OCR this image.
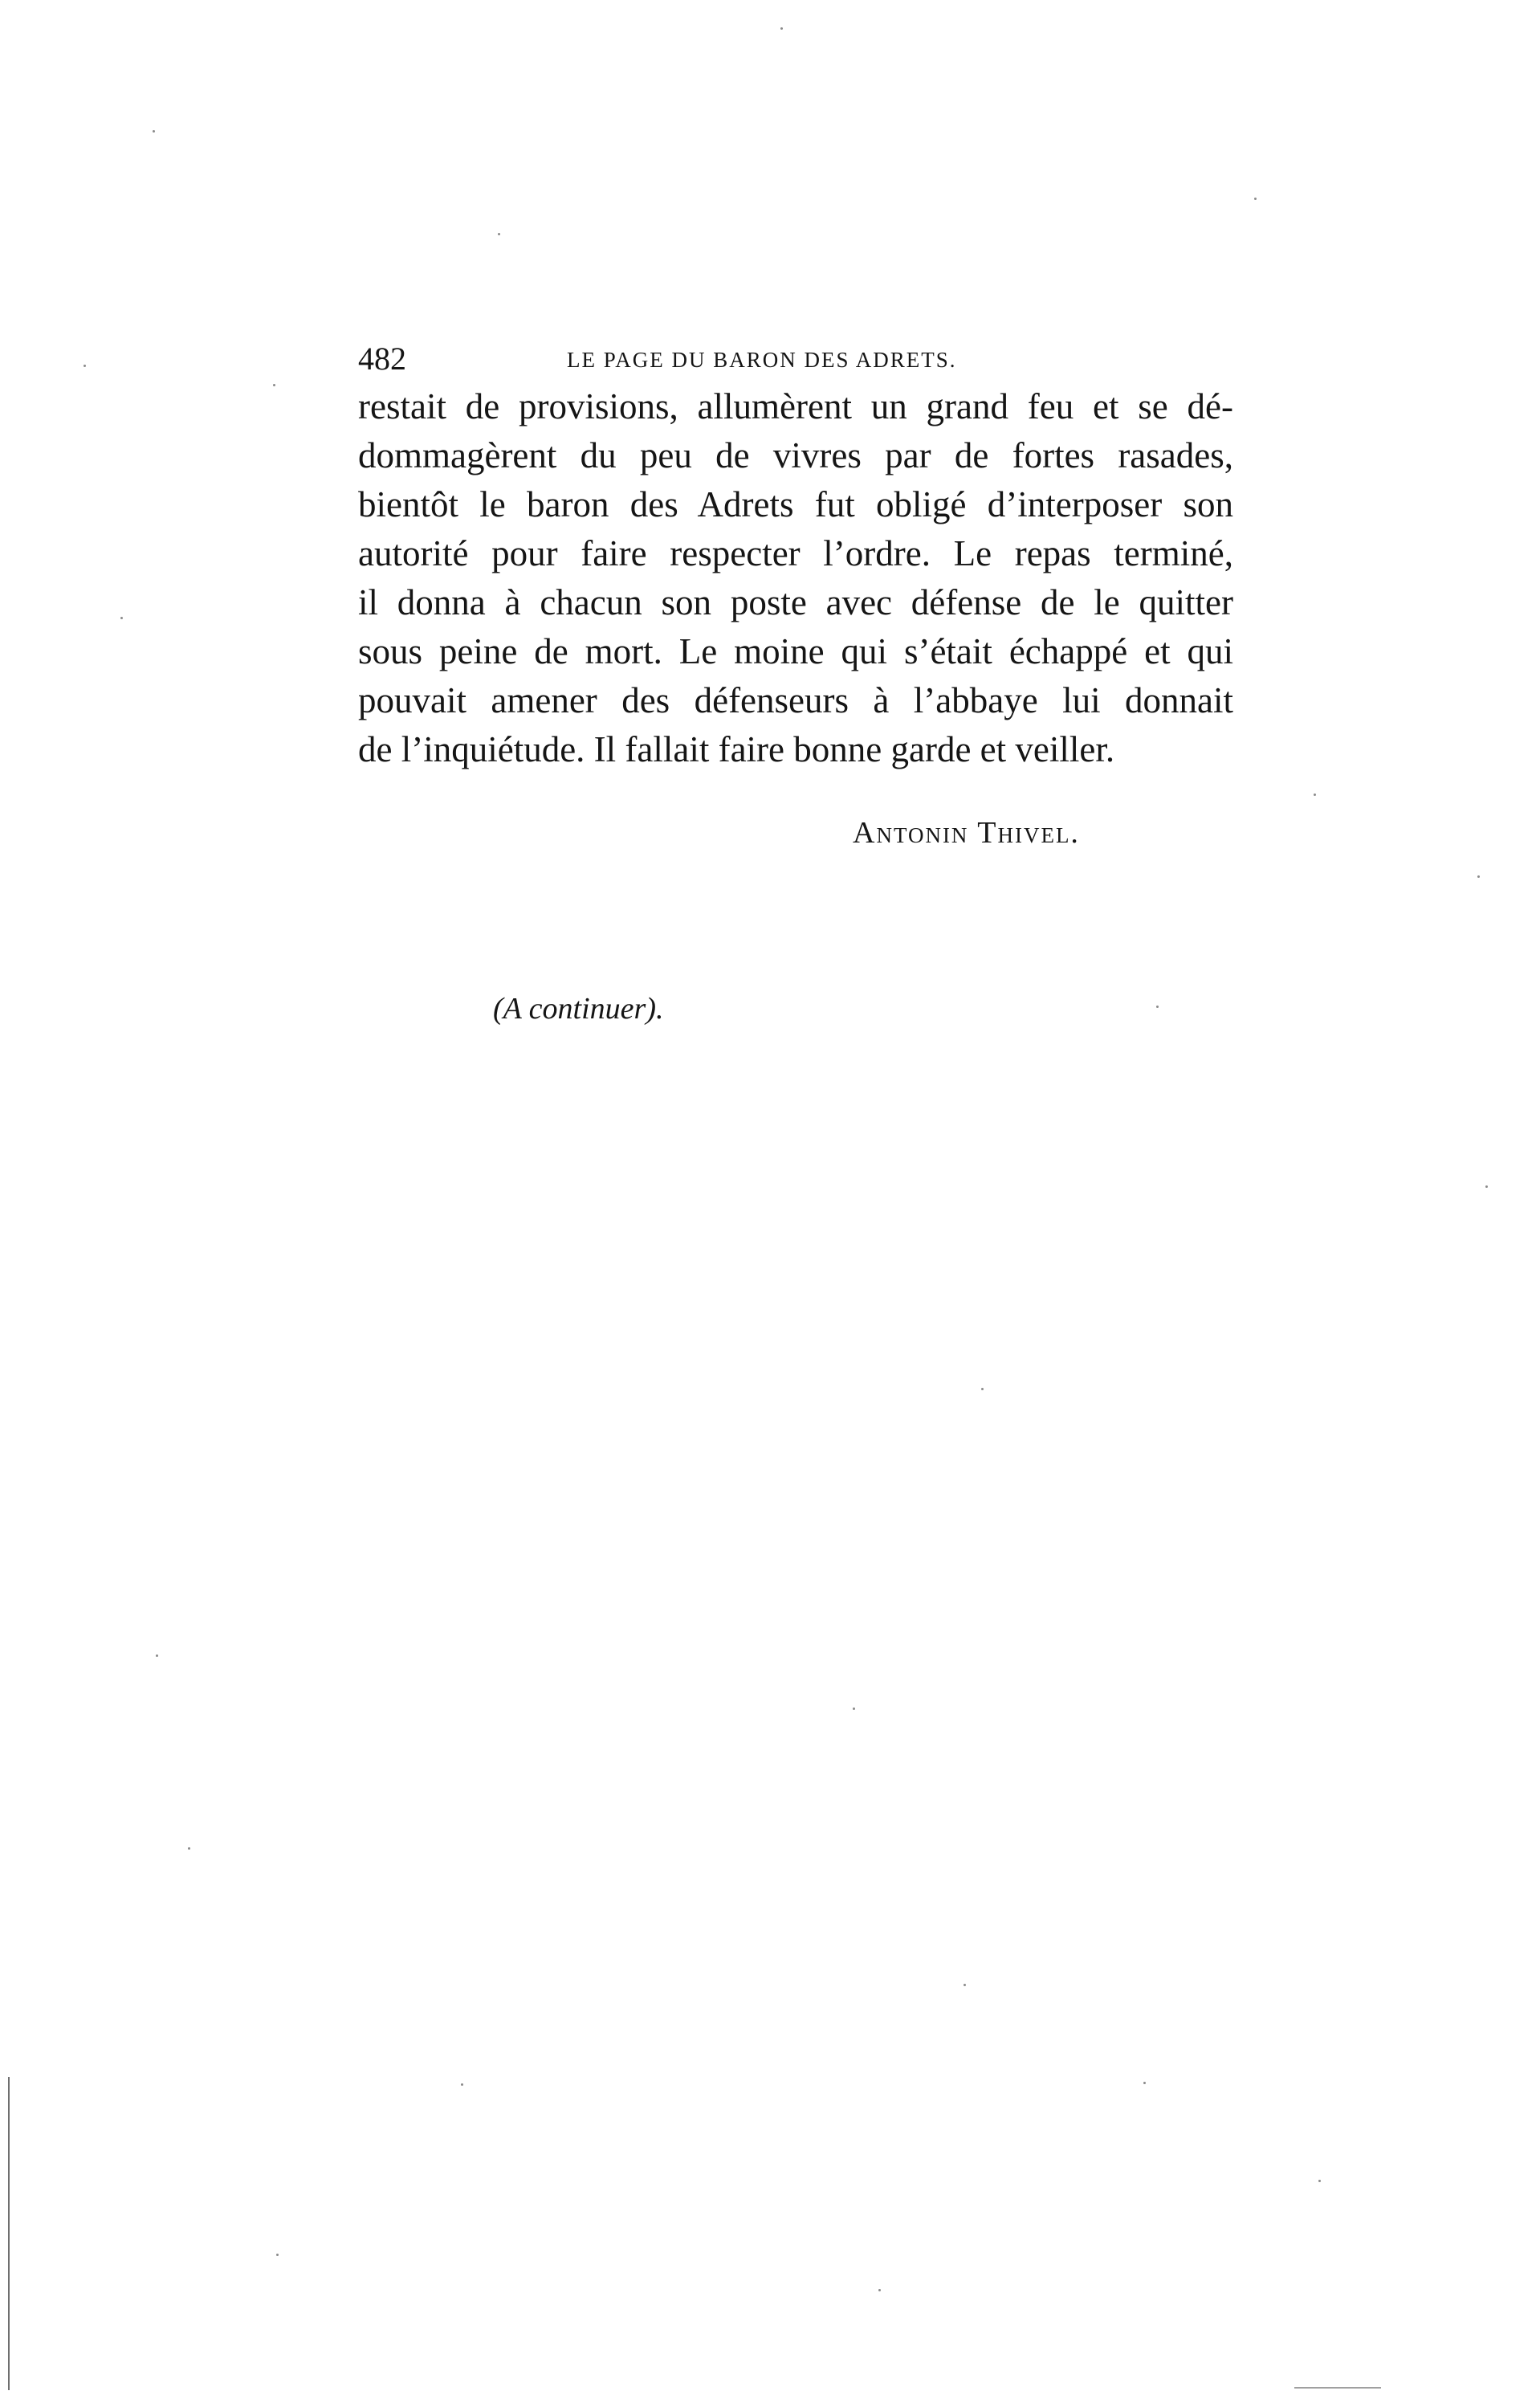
482	LE PAGE DU BARON DES ADRETS.
restait de provisions, allumèrent un grand feu et se dé-
dommagèrent du peu de vivres par de fortes rasades,
bientôt le baron des Adrets fut obligé d’interposer son
autorité pour faire respecter l’ordre. Le repas terminé,
il donna à chacun son poste avec défense de le quitter
sous peine de mort. Le moine qui s’était échappé et qui
pouvait amener des défenseurs à l’abbaye lui donnait
de l’inquiétude. Il fallait faire bonne garde et veiller.
Antonin Thivel.
(A continuer).
